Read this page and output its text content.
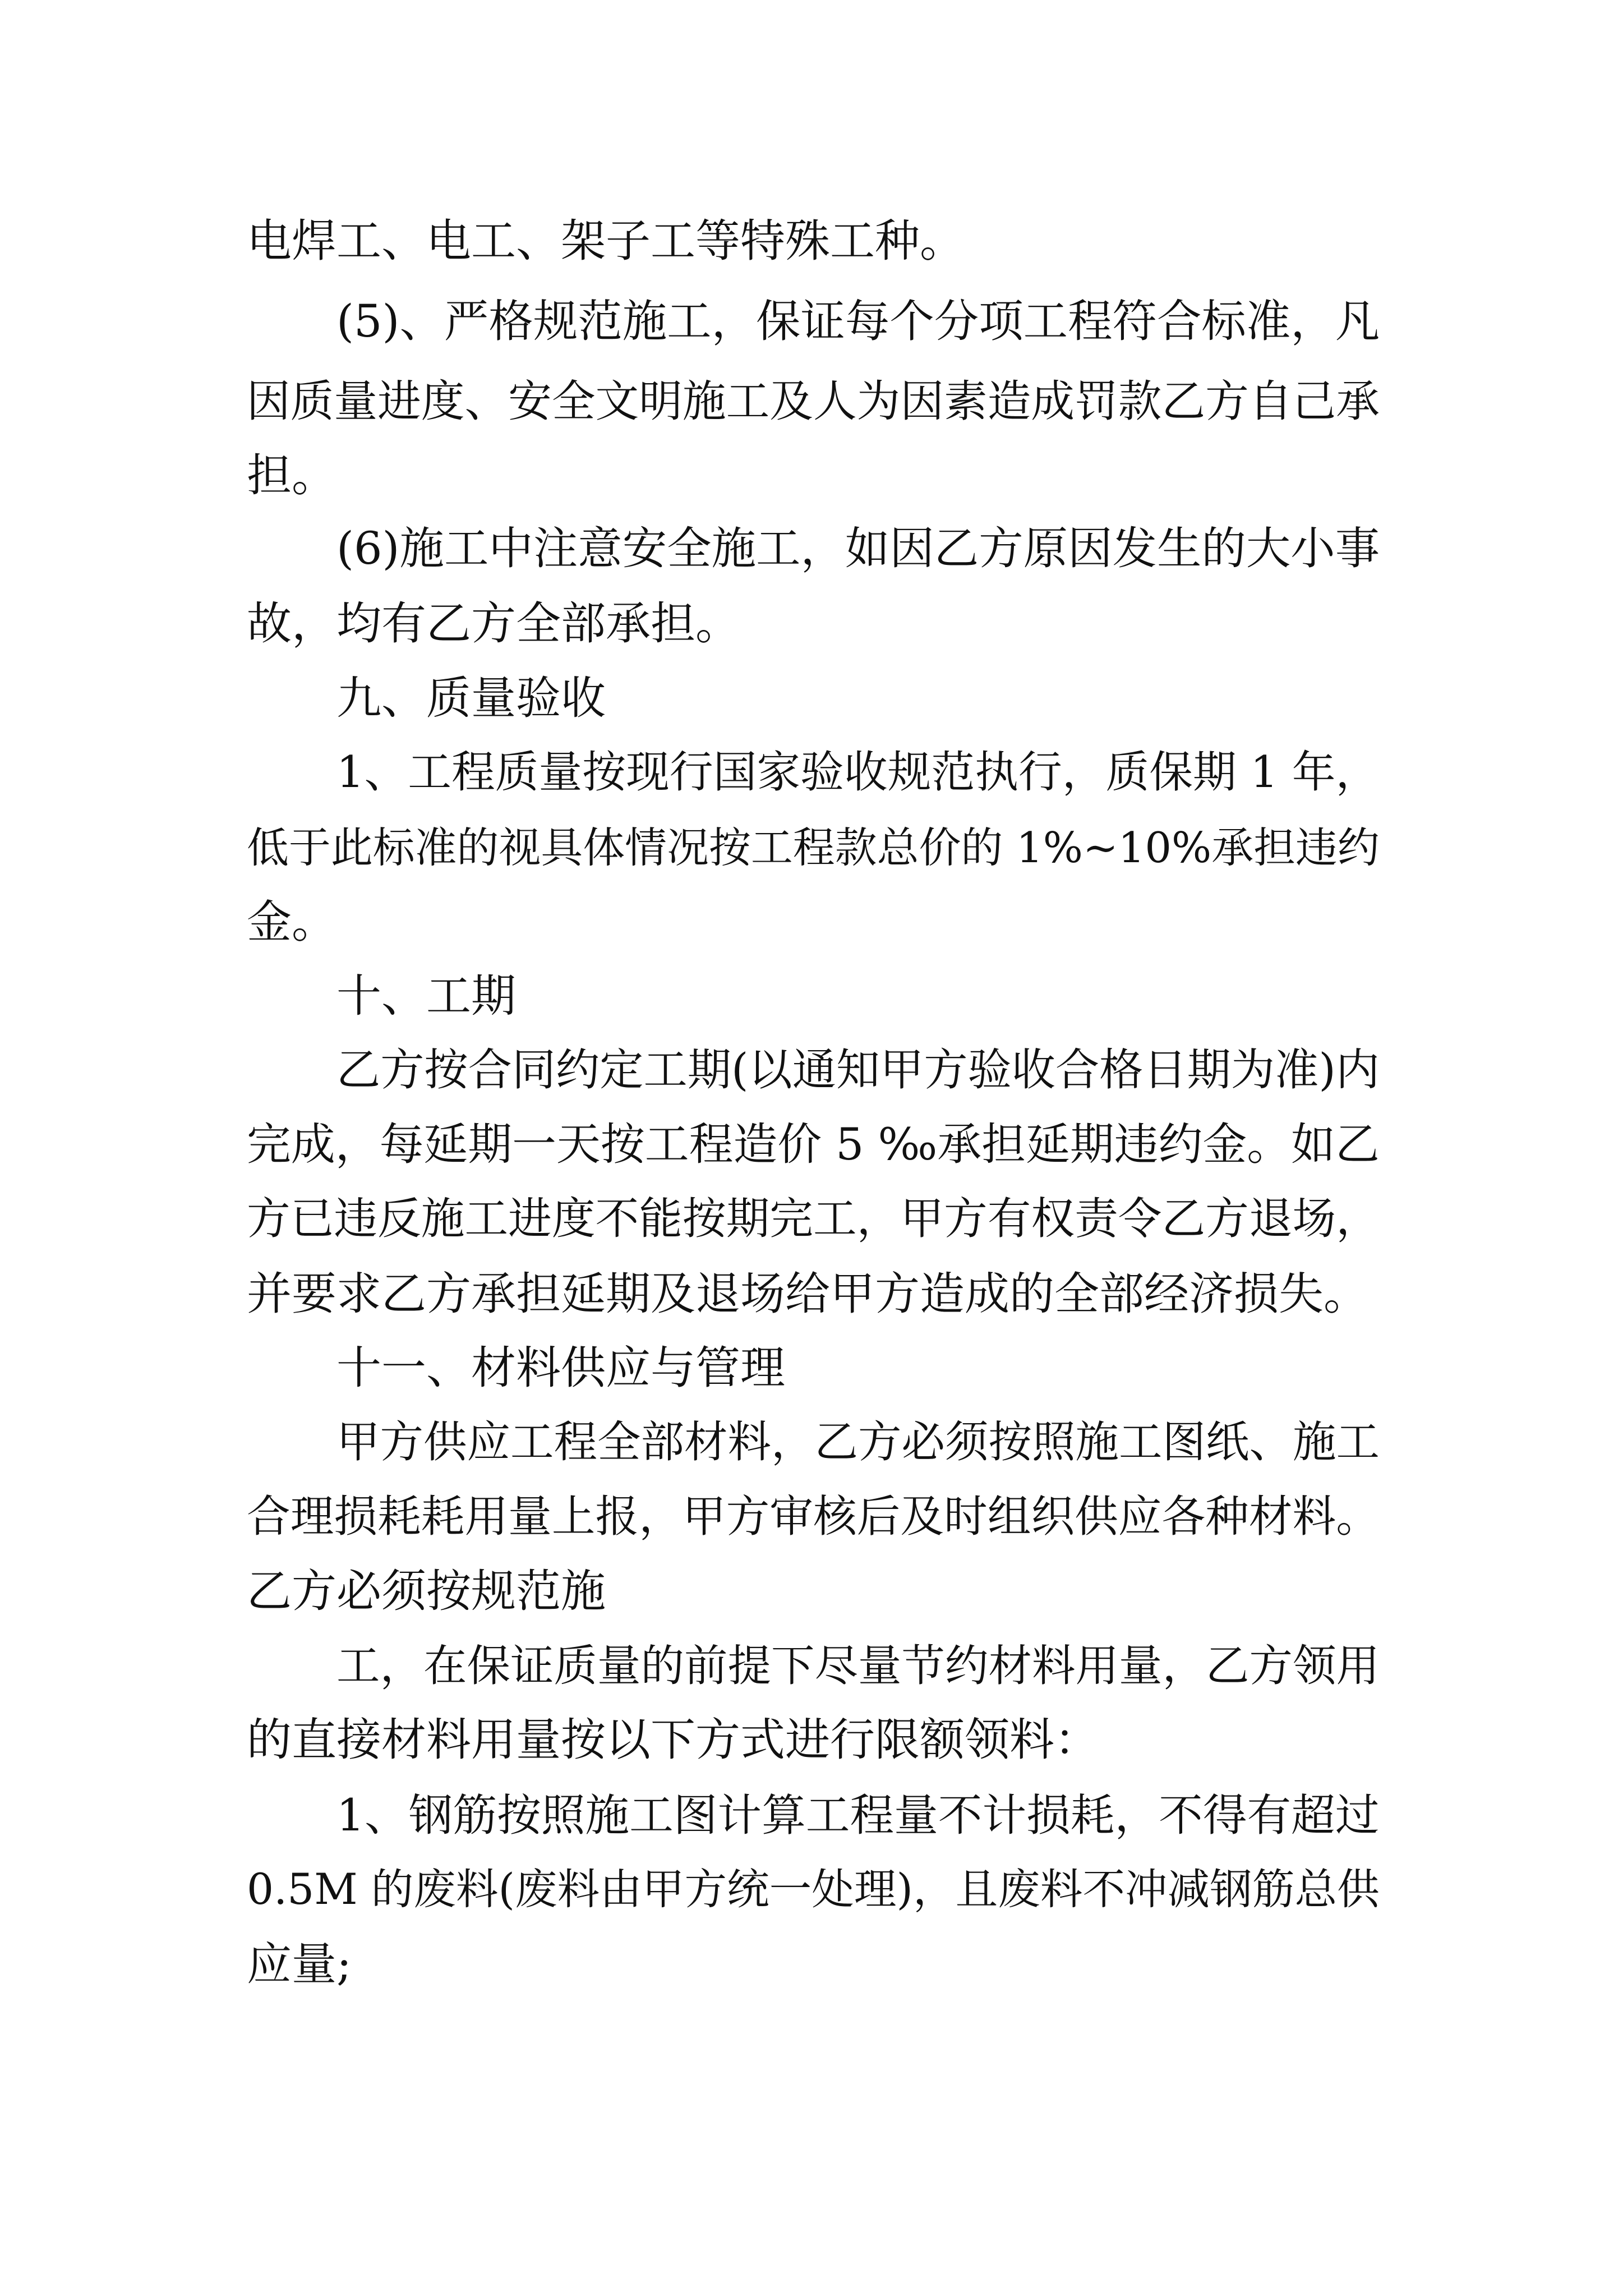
电焊工、电工、架子工等特殊工种。

(5)、严格规范施工，保证每个分项工程符合标准，凡

因质量进度、安全文明施工及人为因素造成罚款乙方自己承

担。

(6)施工中注意安全施工，如因乙方原因发生的大小事

故，均有乙方全部承担。

九、质量验收

1、工程质量按现行国家验收规范执行，质保期 1 年，

低于此标准的视具体情况按工程款总价的 1%~10%承担违约

金。

十、工期

乙方按合同约定工期(以通知甲方验收合格日期为准)内

完成，每延期一天按工程造价 5 ‰承担延期违约金。如乙

方已违反施工进度不能按期完工，甲方有权责令乙方退场，

并要求乙方承担延期及退场给甲方造成的全部经济损失。

十一、材料供应与管理

甲方供应工程全部材料，乙方必须按照施工图纸、施工

合理损耗耗用量上报，甲方审核后及时组织供应各种材料。

乙方必须按规范施

工，在保证质量的前提下尽量节约材料用量，乙方领用

的直接材料用量按以下方式进行限额领料：

1、钢筋按照施工图计算工程量不计损耗，不得有超过

0.5M 的废料(废料由甲方统一处理)，且废料不冲减钢筋总供

应量;
